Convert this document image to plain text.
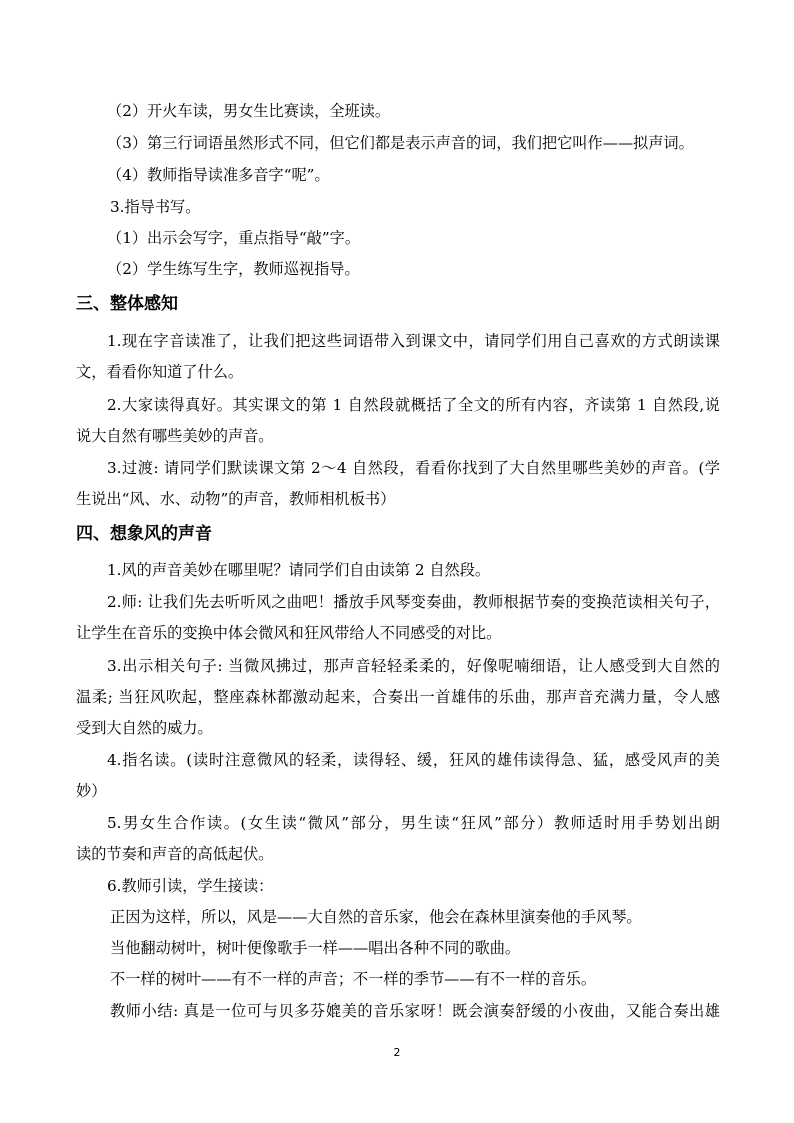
（2）开火车读，男女生比赛读，全班读。
（3）第三行词语虽然形式不同，但它们都是表示声音的词，我们把它叫作——拟声词。
（4）教师指导读准多音字“呢”。
3.指导书写。
（1）出示会写字，重点指导“敲”字。
（2）学生练写生字，教师巡视指导。
三、整体感知
1.现在字音读准了，让我们把这些词语带入到课文中，请同学们用自己喜欢的方式朗读课
文，看看你知道了什么。
2.大家读得真好。其实课文的第 1 自然段就概括了全文的所有内容，齐读第 1 自然段,说
说大自然有哪些美妙的声音。
3.过渡: 请同学们默读课文第 2～4 自然段，看看你找到了大自然里哪些美妙的声音。(学
生说出“风、水、动物”的声音，教师相机板书）
四、想象风的声音
1.风的声音美妙在哪里呢？请同学们自由读第 2 自然段。
2.师: 让我们先去听听风之曲吧！播放手风琴变奏曲，教师根据节奏的变换范读相关句子，
让学生在音乐的变换中体会微风和狂风带给人不同感受的对比。
3.出示相关句子: 当微风拂过，那声音轻轻柔柔的，好像呢喃细语，让人感受到大自然的
温柔; 当狂风吹起，整座森林都激动起来，合奏出一首雄伟的乐曲，那声音充满力量，令人感
受到大自然的威力。
4.指名读。(读时注意微风的轻柔，读得轻、缓，狂风的雄伟读得急、猛，感受风声的美
妙）
5.男女生合作读。(女生读“微风”部分，男生读“狂风”部分）教师适时用手势划出朗
读的节奏和声音的高低起伏。
6.教师引读，学生接读：
正因为这样，所以，风是——大自然的音乐家，他会在森林里演奏他的手风琴。
当他翻动树叶，树叶便像歌手一样——唱出各种不同的歌曲。
不一样的树叶——有不一样的声音；不一样的季节——有不一样的音乐。
教师小结: 真是一位可与贝多芬媲美的音乐家呀！既会演奏舒缓的小夜曲，又能合奏出雄
2
